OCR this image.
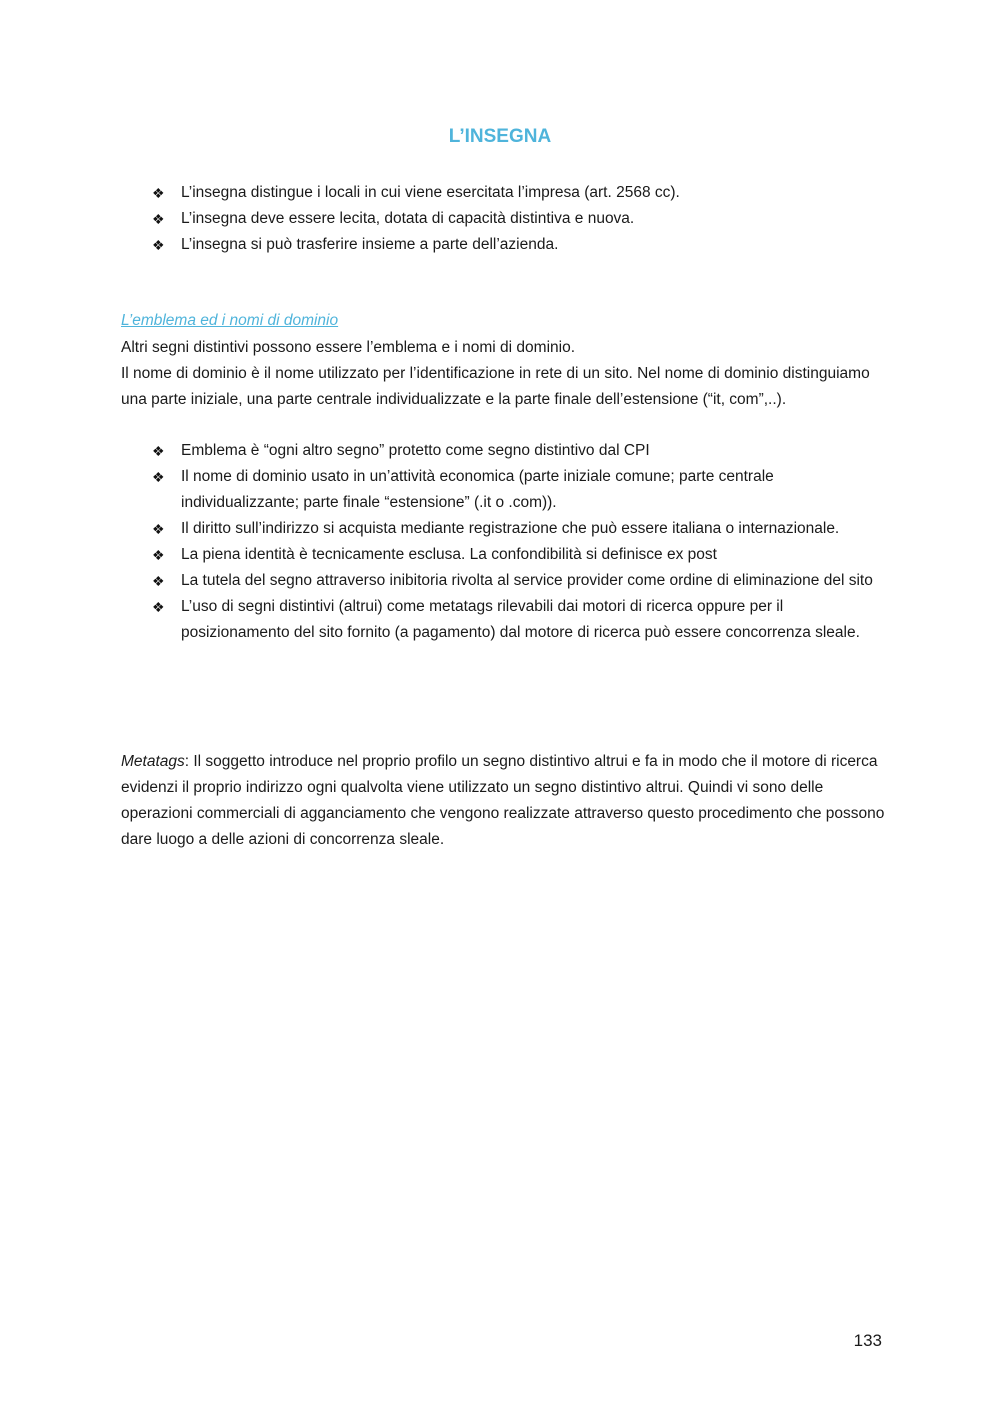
L’INSEGNA
❖ L’insegna distingue i locali in cui viene esercitata l’impresa (art. 2568 cc).
❖ L’insegna deve essere lecita, dotata di capacità distintiva e nuova.
❖ L’insegna si può trasferire insieme a parte dell’azienda.
L’emblema ed i nomi di dominio

Altri segni distintivi possono essere l’emblema e i nomi di dominio.

Il nome di dominio è il nome utilizzato per l’identificazione in rete di un sito. Nel nome di dominio distinguiamo una parte iniziale, una parte centrale individualizzate e la parte finale dell’estensione (“it, com”,..).

❖ Emblema è “ogni altro segno” protetto come segno distintivo dal CPI
❖ Il nome di dominio usato in un’attività economica (parte iniziale comune; parte centrale individualizzante; parte finale “estensione” (.it o .com)).
❖ Il diritto sull’indirizzo si acquista mediante registrazione che può essere italiana o internazionale.
❖ La piena identità è tecnicamente esclusa. La confondibilità si definisce ex post
❖ La tutela del segno attraverso inibitoria rivolta al service provider come ordine di eliminazione del sito
❖ L’uso di segni distintivi (altrui) come metatags rilevabili dai motori di ricerca oppure per il posizionamento del sito fornito (a pagamento) dal motore di ricerca può essere concorrenza sleale.

Metatags: Il soggetto introduce nel proprio profilo un segno distintivo altrui e fa in modo che il motore di ricerca evidenzi il proprio indirizzo ogni qualvolta viene utilizzato un segno distintivo altrui. Quindi vi sono delle operazioni commerciali di agganciamento che vengono realizzate attraverso questo procedimento che possono dare luogo a delle azioni di concorrenza sleale.

133
